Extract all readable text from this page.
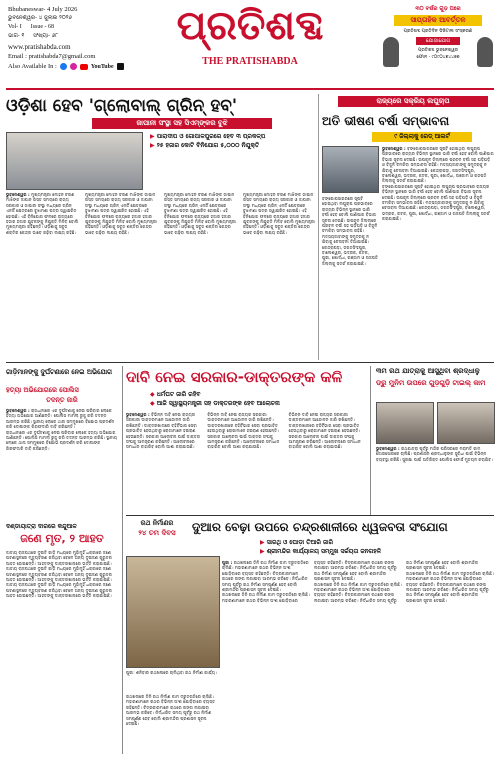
Bhubaneswar- 4 July 2026
ଭୁବନେଶ୍ୱର- ୪ ଜୁଲାଇ ୨୦୨୬
Vol- I      Issue - 68
ଭାଗ- ୧     ସଂଖ୍ୟା- ୬୮
www.pratishabda.com
Email : pratishabda7@gmail.com
Also Available In :	YouTube
ପ୍ରତିଶବ୍ଦ
THE PRATISHABDA
୩୦ ବର୍ଷର ଗୁଡ଼ ପରେ
ସାପ୍ତାହିକ ଆବର୍ତ୍ତନ
ପ୍ରତିଶବ୍ଦ ପ୍ରତିଦିନ ଡିଜିଟାଲ ସଂସ୍କରଣ
ଯୋଗାଯୋଗ
ପ୍ରତିଶବ୍ଦ ଭୁବନେଶ୍ୱର
ଫୋନ - ୯୦୯୦୪୭୪୪୭୭
ଓଡ଼ିଶା ହେବ 'ଗ୍ଲୋବାଲ୍ ଗ୍ରିନ୍ ହବ୍'
ଜାପାନୀ ସଂସ୍ଥା ସହ ସିଏମ୍‌ଙ୍କର ବୁଝି
▶ ପାରାଦୀପ ଓ ଗୋପାଳପୁରରେ ହେବ ୩ ପ୍ରକଳ୍ପ
▶ ୨୫ ହଜାର କୋଟି ବିନିଯୋଗ ୫,୦୦୦ ନିଯୁକ୍ତି

ଭୁବନେଶ୍ୱର : ମୁଖ୍ୟମନ୍ତ୍ରୀ ମୋହନ ଚରଣ ମାଝିଙ୍କ ଜାପାନ ଗସ୍ତ ସମୟରେ ରାଜ୍ୟ ସରକାର ଓ ଜାପାନୀ ସଂସ୍ଥା ମଧ୍ୟରେ ଗ୍ରିନ୍ ଏନର୍ଜି କ୍ଷେତ୍ରରେ ବୁଝାମଣା ପତ୍ର ସ୍ୱାକ୍ଷରିତ ହୋଇଛି। ଏହି ବିନିଯୋଗ ଫଳରେ ରାଜ୍ୟରେ ହଜାର ହଜାର ଯୁବକଙ୍କୁ ନିଯୁକ୍ତି ମିଳିବ ବୋଲି ମୁଖ୍ୟମନ୍ତ୍ରୀ କହିଛନ୍ତି। ଓଡ଼ିଶାକୁ ସବୁଜ ଶକ୍ତିର କେନ୍ଦ୍ର ଭାବେ ଗଢ଼ିବା ଲକ୍ଷ୍ୟ ରହିଛି।

ମୁଖ୍ୟମନ୍ତ୍ରୀ ମୋହନ ଚରଣ ମାଝିଙ୍କ ଜାପାନ ଗସ୍ତ ସମୟରେ ରାଜ୍ୟ ସରକାର ଓ ଜାପାନୀ ସଂସ୍ଥା ମଧ୍ୟରେ ଗ୍ରିନ୍ ଏନର୍ଜି କ୍ଷେତ୍ରରେ ବୁଝାମଣା ପତ୍ର ସ୍ୱାକ୍ଷରିତ ହୋଇଛି। ଏହି ବିନିଯୋଗ ଫଳରେ ରାଜ୍ୟରେ ହଜାର ହଜାର ଯୁବକଙ୍କୁ ନିଯୁକ୍ତି ମିଳିବ ବୋଲି ମୁଖ୍ୟମନ୍ତ୍ରୀ କହିଛନ୍ତି। ଓଡ଼ିଶାକୁ ସବୁଜ ଶକ୍ତିର କେନ୍ଦ୍ର ଭାବେ ଗଢ଼ିବା ଲକ୍ଷ୍ୟ ରହିଛି।

ମୁଖ୍ୟମନ୍ତ୍ରୀ ମୋହନ ଚରଣ ମାଝିଙ୍କ ଜାପାନ ଗସ୍ତ ସମୟରେ ରାଜ୍ୟ ସରକାର ଓ ଜାପାନୀ ସଂସ୍ଥା ମଧ୍ୟରେ ଗ୍ରିନ୍ ଏନର୍ଜି କ୍ଷେତ୍ରରେ ବୁଝାମଣା ପତ୍ର ସ୍ୱାକ୍ଷରିତ ହୋଇଛି। ଏହି ବିନିଯୋଗ ଫଳରେ ରାଜ୍ୟରେ ହଜାର ହଜାର ଯୁବକଙ୍କୁ ନିଯୁକ୍ତି ମିଳିବ ବୋଲି ମୁଖ୍ୟମନ୍ତ୍ରୀ କହିଛନ୍ତି। ଓଡ଼ିଶାକୁ ସବୁଜ ଶକ୍ତିର କେନ୍ଦ୍ର ଭାବେ ଗଢ଼ିବା ଲକ୍ଷ୍ୟ ରହିଛି।

ମୁଖ୍ୟମନ୍ତ୍ରୀ ମୋହନ ଚରଣ ମାଝିଙ୍କ ଜାପାନ ଗସ୍ତ ସମୟରେ ରାଜ୍ୟ ସରକାର ଓ ଜାପାନୀ ସଂସ୍ଥା ମଧ୍ୟରେ ଗ୍ରିନ୍ ଏନର୍ଜି କ୍ଷେତ୍ରରେ ବୁଝାମଣା ପତ୍ର ସ୍ୱାକ୍ଷରିତ ହୋଇଛି। ଏହି ବିନିଯୋଗ ଫଳରେ ରାଜ୍ୟରେ ହଜାର ହଜାର ଯୁବକଙ୍କୁ ନିଯୁକ୍ତି ମିଳିବ ବୋଲି ମୁଖ୍ୟମନ୍ତ୍ରୀ କହିଛନ୍ତି। ଓଡ଼ିଶାକୁ ସବୁଜ ଶକ୍ତିର କେନ୍ଦ୍ର ଭାବେ ଗଢ଼ିବା ଲକ୍ଷ୍ୟ ରହିଛି।

ରାଜ୍ୟରେ ସକ୍ରିୟ ଲଘୁଚାପ
ଅତି ଭୀଷଣ ବର୍ଷା ସମ୍ଭାବନା
୯ ଜିଲ୍ଲାକୁ ରେଡ୍ ଆଲର୍ଟ

ଭୁବନେଶ୍ୱର : ବଙ୍ଗୋପସାଗରରେ ସୃଷ୍ଟି ହୋଇଥିବା ଲଘୁଚାପ ପ୍ରଭାବରେ ରାଜ୍ୟର ବିଭିନ୍ନ ସ୍ଥାନରେ ଭାରି ବର୍ଷା ହେବ ବୋଲି ପାଣିପାଗ ବିଭାଗ ସୂଚନା ଦେଇଛି। ଉପକୂଳ ଜିଲ୍ଲାରେ ପ୍ରବଳ ବର୍ଷା ସହ ଘଡ଼ିଘଡ଼ି ଓ ବିଜୁଳି ଚମକିବା ସମ୍ଭାବନା ରହିଛି। ମତ୍ସ୍ୟଜୀବୀଙ୍କୁ ସମୁଦ୍ରକୁ ନ ଯିବାକୁ ଚେତାବନୀ ଦିଆଯାଇଛି। କେନ୍ଦ୍ରାପଡ଼ା, ଜଗତସିଂହପୁର, ବାଲେଶ୍ୱର, ଭଦ୍ରକ, କଟକ, ପୁରୀ, ଖୋର୍ଦ୍ଧା, ଗଞ୍ଜାମ ଓ ଗଜପତି ଜିଲ୍ଲାକୁ ସତର୍କ କରାଯାଇଛି।

ବଙ୍ଗୋପସାଗରରେ ସୃଷ୍ଟି ହୋଇଥିବା ଲଘୁଚାପ ପ୍ରଭାବରେ ରାଜ୍ୟର ବିଭିନ୍ନ ସ୍ଥାନରେ ଭାରି ବର୍ଷା ହେବ ବୋଲି ପାଣିପାଗ ବିଭାଗ ସୂଚନା ଦେଇଛି। ଉପକୂଳ ଜିଲ୍ଲାରେ ପ୍ରବଳ ବର୍ଷା ସହ ଘଡ଼ିଘଡ଼ି ଓ ବିଜୁଳି ଚମକିବା ସମ୍ଭାବନା ରହିଛି। ମତ୍ସ୍ୟଜୀବୀଙ୍କୁ ସମୁଦ୍ରକୁ ନ ଯିବାକୁ ଚେତାବନୀ ଦିଆଯାଇଛି। କେନ୍ଦ୍ରାପଡ଼ା, ଜଗତସିଂହପୁର, ବାଲେଶ୍ୱର, ଭଦ୍ରକ, କଟକ, ପୁରୀ, ଖୋର୍ଦ୍ଧା, ଗଞ୍ଜାମ ଓ ଗଜପତି ଜିଲ୍ଲାକୁ ସତର୍କ କରାଯାଇଛି।

ବଙ୍ଗୋପସାଗରରେ ସୃଷ୍ଟି ହୋଇଥିବା ଲଘୁଚାପ ପ୍ରଭାବରେ ରାଜ୍ୟର ବିଭିନ୍ନ ସ୍ଥାନରେ ଭାରି ବର୍ଷା ହେବ ବୋଲି ପାଣିପାଗ ବିଭାଗ ସୂଚନା ଦେଇଛି। ଉପକୂଳ ଜିଲ୍ଲାରେ ପ୍ରବଳ ବର୍ଷା ସହ ଘଡ଼ିଘଡ଼ି ଓ ବିଜୁଳି ଚମକିବା ସମ୍ଭାବନା ରହିଛି। ମତ୍ସ୍ୟଜୀବୀଙ୍କୁ ସମୁଦ୍ରକୁ ନ ଯିବାକୁ ଚେତାବନୀ ଦିଆଯାଇଛି। କେନ୍ଦ୍ରାପଡ଼ା, ଜଗତସିଂହପୁର, ବାଲେଶ୍ୱର, ଭଦ୍ରକ, କଟକ, ପୁରୀ, ଖୋର୍ଦ୍ଧା, ଗଞ୍ଜାମ ଓ ଗଜପତି ଜିଲ୍ଲାକୁ ସତର୍କ କରାଯାଇଛି।

ଗାଡ଼ିମାନଙ୍କୁ ଦୁର୍ଘଟଣାରେ ନେଇ ଅଭିଯୋଗ
ହତ୍ୟା ଅଭିଯୋଗରେ ପୋଲିସ
ତଦନ୍ତ ଜାରି

ଭୁବନେଶ୍ୱର : ରାଜଧାନୀରେ ଏକ ଦୁର୍ଘଟଣାକୁ ନେଇ ପରିବାର ଲୋକେ ହତ୍ୟା ଅଭିଯୋଗ ଆଣିଛନ୍ତି। ପୋଲିସ ମାମଲା ରୁଜୁ କରି ତଦନ୍ତ ଆରମ୍ଭ କରିଛି। ସ୍ଥାନୀୟ ଲୋକେ ଥାନା ସମ୍ମୁଖରେ ବିକ୍ଷୋଭ ପ୍ରଦର୍ଶନ କରି ଦୋଷୀଙ୍କ ଗିରଫଦାରି ଦାବି କରିଛନ୍ତି।

ରାଜଧାନୀରେ ଏକ ଦୁର୍ଘଟଣାକୁ ନେଇ ପରିବାର ଲୋକେ ହତ୍ୟା ଅଭିଯୋଗ ଆଣିଛନ୍ତି। ପୋଲିସ ମାମଲା ରୁଜୁ କରି ତଦନ୍ତ ଆରମ୍ଭ କରିଛି। ସ୍ଥାନୀୟ ଲୋକେ ଥାନା ସମ୍ମୁଖରେ ବିକ୍ଷୋଭ ପ୍ରଦର୍ଶନ କରି ଦୋଷୀଙ୍କ ଗିରଫଦାରି ଦାବି କରିଛନ୍ତି।

ଦଣ୍ଡାୟାତ୍ରା ଦାରରେ କନ୍ଦୁଆଳ
ଜଣେ ମୃତ, ୨ ଆହତ

ଜାତୀୟ ରାଜପଥରେ ଦୁଇଟି ଗାଡ଼ି ମଧ୍ୟରେ ମୁହାଁମୁହିଁ ଧକ୍କାରେ ଜଣେ ଘଟଣାସ୍ଥଳରେ ମୃତ୍ୟୁବରଣ କରିଥିବା ବେଳେ ଅନ୍ୟ ଦୁଇଜଣ ଗୁରୁତର ଆହତ ହୋଇଛନ୍ତି। ଆହତଙ୍କୁ ଡାକ୍ତରଖାନାରେ ଭର୍ତ୍ତି କରାଯାଇଛି।

ଜାତୀୟ ରାଜପଥରେ ଦୁଇଟି ଗାଡ଼ି ମଧ୍ୟରେ ମୁହାଁମୁହିଁ ଧକ୍କାରେ ଜଣେ ଘଟଣାସ୍ଥଳରେ ମୃତ୍ୟୁବରଣ କରିଥିବା ବେଳେ ଅନ୍ୟ ଦୁଇଜଣ ଗୁରୁତର ଆହତ ହୋଇଛନ୍ତି। ଆହତଙ୍କୁ ଡାକ୍ତରଖାନାରେ ଭର୍ତ୍ତି କରାଯାଇଛି।

ଜାତୀୟ ରାଜପଥରେ ଦୁଇଟି ଗାଡ଼ି ମଧ୍ୟରେ ମୁହାଁମୁହିଁ ଧକ୍କାରେ ଜଣେ ଘଟଣାସ୍ଥଳରେ ମୃତ୍ୟୁବରଣ କରିଥିବା ବେଳେ ଅନ୍ୟ ଦୁଇଜଣ ଗୁରୁତର ଆହତ ହୋଇଛନ୍ତି। ଆହତଙ୍କୁ ଡାକ୍ତରଖାନାରେ ଭର୍ତ୍ତି କରାଯାଇଛି।

ଦାବି ନେଇ ସରକାର-ଡାକ୍ତରଙ୍କ କଳି
◆ ଧର୍ମଘଟ ଜାରି ରହିବ
◆ ଆଜି ସ୍ୱାସ୍ଥ୍ୟମନ୍ତ୍ରୀ ସହ ଡାକ୍ତରଙ୍କ ହେବ ଆଲୋଚନା

ଭୁବନେଶ୍ୱର : ବିଭିନ୍ନ ଦାବି ନେଇ ରାଜ୍ୟର ସରକାରୀ ଡାକ୍ତରମାନେ ଆନ୍ଦୋଳନ ଜାରି ରଖିଛନ୍ତି। ଡାକ୍ତରଖାନାରେ ବହିର୍ବିଭାଗ ସେବା ପ୍ରଭାବିତ ହେଉଥିବାରୁ ରୋଗୀମାନେ ହଇରାଣ ହେଉଛନ୍ତି। ସରକାର ଆଲୋଚନା ପାଇଁ ଡାକ୍ତର ସଂଘକୁ ଆମନ୍ତ୍ରଣ କରିଛନ୍ତି। ଆଲୋଚନାରେ ସମାଧାନ ବାହାରିବ ବୋଲି ଆଶା କରାଯାଉଛି।

ବିଭିନ୍ନ ଦାବି ନେଇ ରାଜ୍ୟର ସରକାରୀ ଡାକ୍ତରମାନେ ଆନ୍ଦୋଳନ ଜାରି ରଖିଛନ୍ତି। ଡାକ୍ତରଖାନାରେ ବହିର୍ବିଭାଗ ସେବା ପ୍ରଭାବିତ ହେଉଥିବାରୁ ରୋଗୀମାନେ ହଇରାଣ ହେଉଛନ୍ତି। ସରକାର ଆଲୋଚନା ପାଇଁ ଡାକ୍ତର ସଂଘକୁ ଆମନ୍ତ୍ରଣ କରିଛନ୍ତି। ଆଲୋଚନାରେ ସମାଧାନ ବାହାରିବ ବୋଲି ଆଶା କରାଯାଉଛି।

ବିଭିନ୍ନ ଦାବି ନେଇ ରାଜ୍ୟର ସରକାରୀ ଡାକ୍ତରମାନେ ଆନ୍ଦୋଳନ ଜାରି ରଖିଛନ୍ତି। ଡାକ୍ତରଖାନାରେ ବହିର୍ବିଭାଗ ସେବା ପ୍ରଭାବିତ ହେଉଥିବାରୁ ରୋଗୀମାନେ ହଇରାଣ ହେଉଛନ୍ତି। ସରକାର ଆଲୋଚନା ପାଇଁ ଡାକ୍ତର ସଂଘକୁ ଆମନ୍ତ୍ରଣ କରିଛନ୍ତି। ଆଲୋଚନାରେ ସମାଧାନ ବାହାରିବ ବୋଲି ଆଶା କରାଯାଉଛି।

୩ମ ରଥ ଯାତ୍ରାକୁ ଆସୁଥିବା ଶ୍ରଦ୍ଧାଳୁ
ଡ୍ରୁ ମୁନିମ ଉପରେ ଗୁଡ଼ଗୁଡ଼ି ଟାଇଲ୍ କାମ

ଭୁବନେଶ୍ୱର : ରଥଯାତ୍ରା ପୂର୍ବରୁ ମନ୍ଦିର ପରିସରରେ ମରାମତି କାମ ଜୋରସୋରରେ ଚାଲିଛି। ପ୍ରଶାସନ ଶ୍ରଦ୍ଧାଳୁଙ୍କ ସୁବିଧା ପାଇଁ ବିଭିନ୍ନ ବ୍ୟବସ୍ଥା କରିଛି। ସୁରକ୍ଷା ପାଇଁ ଅତିରିକ୍ତ ପୋଲିସ ଫୋର୍ସ ମୁତୟନ କରାଯିବ।

ରଥ ନିର୍ମାଣର
୨୪ ତମ ଦିବସ	ଦୁଆର ବେଢ଼ା ଉପରେ ଚନ୍ଦ୍ରଶାଳୀରେ ଧ୍ୱଜବତା ସଂଯୋଗ
▶ ସାରଥି ଓ ଘୋଡ଼ା ତିଆରି ଜାରି
▶ ଶ୍ରୀମନ୍ଦିର କାର୍ଯ୍ୟାଳୟ ସମ୍ମୁଖ ସର୍ଚ୍ଚୟତା ଜନଗହଳି

ପୁରୀ: ଶନିବାର ରଥଖଳାରେ ଚାଲିଥିବା ରଥ ନିର୍ମାଣ କାର୍ଯ୍ୟ।

ପୁରୀ : ରଥଖଳାରେ ତିନି ରଥ ନିର୍ମାଣ କାମ ଦ୍ରୁତଗତିରେ ଚାଲିଛି। ମହାରଣାମାନେ ରଥର ବିଭିନ୍ନ ଅଂଶ ଯୋଡ଼ିବାରେ ବ୍ୟସ୍ତ ରହିଛନ୍ତି। ଚିତ୍ରକାରମାନେ ରଥରେ ରଙ୍ଗ ଲଗାଇବା ଆରମ୍ଭ କରିବେ। ନିର୍ଦ୍ଧାରିତ ସମୟ ପୂର୍ବରୁ ରଥ ନିର୍ମାଣ ସମ୍ପୂର୍ଣ୍ଣ ହେବ ବୋଲି ଶ୍ରୀମନ୍ଦିର ପ୍ରଶାସନ ସୂଚନା ଦେଇଛି।

ରଥଖଳାରେ ତିନି ରଥ ନିର୍ମାଣ କାମ ଦ୍ରୁତଗତିରେ ଚାଲିଛି। ମହାରଣାମାନେ ରଥର ବିଭିନ୍ନ ଅଂଶ ଯୋଡ଼ିବାରେ ବ୍ୟସ୍ତ ରହିଛନ୍ତି। ଚିତ୍ରକାରମାନେ ରଥରେ ରଙ୍ଗ ଲଗାଇବା ଆରମ୍ଭ କରିବେ। ନିର୍ଦ୍ଧାରିତ ସମୟ ପୂର୍ବରୁ ରଥ ନିର୍ମାଣ ସମ୍ପୂର୍ଣ୍ଣ ହେବ ବୋଲି ଶ୍ରୀମନ୍ଦିର ପ୍ରଶାସନ ସୂଚନା ଦେଇଛି।

ରଥଖଳାରେ ତିନି ରଥ ନିର୍ମାଣ କାମ ଦ୍ରୁତଗତିରେ ଚାଲିଛି। ମହାରଣାମାନେ ରଥର ବିଭିନ୍ନ ଅଂଶ ଯୋଡ଼ିବାରେ ବ୍ୟସ୍ତ ରହିଛନ୍ତି। ଚିତ୍ରକାରମାନେ ରଥରେ ରଙ୍ଗ ଲଗାଇବା ଆରମ୍ଭ କରିବେ। ନିର୍ଦ୍ଧାରିତ ସମୟ ପୂର୍ବରୁ ରଥ ନିର୍ମାଣ ସମ୍ପୂର୍ଣ୍ଣ ହେବ ବୋଲି ଶ୍ରୀମନ୍ଦିର ପ୍ରଶାସନ ସୂଚନା ଦେଇଛି।

ରଥଖଳାରେ ତିନି ରଥ ନିର୍ମାଣ କାମ ଦ୍ରୁତଗତିରେ ଚାଲିଛି। ମହାରଣାମାନେ ରଥର ବିଭିନ୍ନ ଅଂଶ ଯୋଡ଼ିବାରେ ବ୍ୟସ୍ତ ରହିଛନ୍ତି। ଚିତ୍ରକାରମାନେ ରଥରେ ରଙ୍ଗ ଲଗାଇବା ଆରମ୍ଭ କରିବେ। ନିର୍ଦ୍ଧାରିତ ସମୟ ପୂର୍ବରୁ ରଥ ନିର୍ମାଣ ସମ୍ପୂର୍ଣ୍ଣ ହେବ ବୋଲି ଶ୍ରୀମନ୍ଦିର ପ୍ରଶାସନ ସୂଚନା ଦେଇଛି।

ରଥଖଳାରେ ତିନି ରଥ ନିର୍ମାଣ କାମ ଦ୍ରୁତଗତିରେ ଚାଲିଛି। ମହାରଣାମାନେ ରଥର ବିଭିନ୍ନ ଅଂଶ ଯୋଡ଼ିବାରେ ବ୍ୟସ୍ତ ରହିଛନ୍ତି। ଚିତ୍ରକାରମାନେ ରଥରେ ରଙ୍ଗ ଲଗାଇବା ଆରମ୍ଭ କରିବେ। ନିର୍ଦ୍ଧାରିତ ସମୟ ପୂର୍ବରୁ ରଥ ନିର୍ମାଣ ସମ୍ପୂର୍ଣ୍ଣ ହେବ ବୋଲି ଶ୍ରୀମନ୍ଦିର ପ୍ରଶାସନ ସୂଚନା ଦେଇଛି।
